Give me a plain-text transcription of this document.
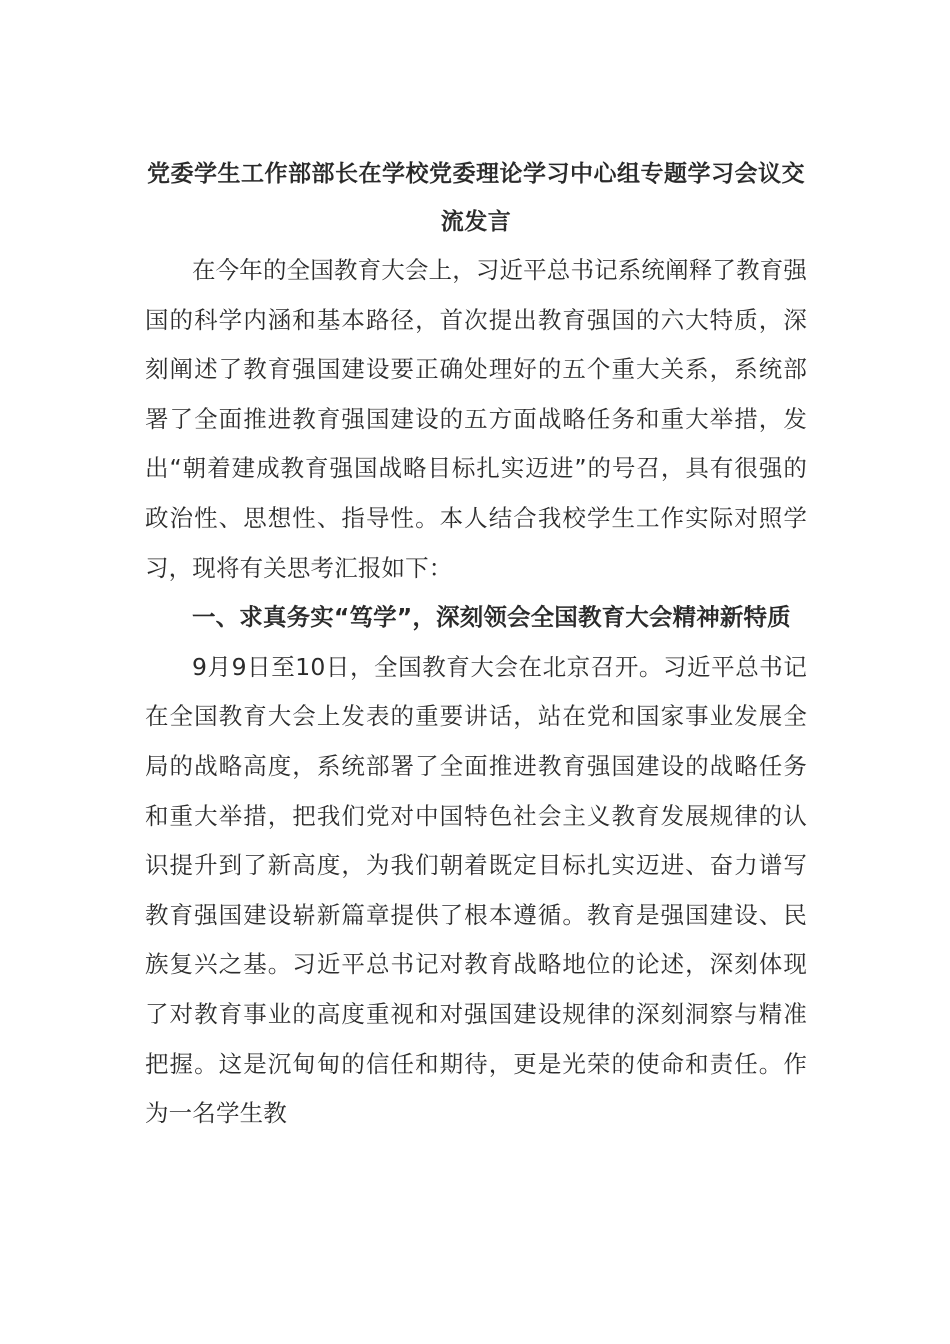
党委学生工作部部长在学校党委理论学习中心组专题学习会议交流发言

在今年的全国教育大会上，习近平总书记系统阐释了教育强国的科学内涵和基本路径，首次提出教育强国的六大特质，深刻阐述了教育强国建设要正确处理好的五个重大关系，系统部署了全面推进教育强国建设的五方面战略任务和重大举措，发出“朝着建成教育强国战略目标扎实迈进”的号召，具有很强的政治性、思想性、指导性。本人结合我校学生工作实际对照学习，现将有关思考汇报如下：

一、求真务实“笃学”，深刻领会全国教育大会精神新特质

9月9日至10日，全国教育大会在北京召开。习近平总书记在全国教育大会上发表的重要讲话，站在党和国家事业发展全局的战略高度，系统部署了全面推进教育强国建设的战略任务和重大举措，把我们党对中国特色社会主义教育发展规律的认识提升到了新高度，为我们朝着既定目标扎实迈进、奋力谱写教育强国建设崭新篇章提供了根本遵循。教育是强国建设、民族复兴之基。习近平总书记对教育战略地位的论述，深刻体现了对教育事业的高度重视和对强国建设规律的深刻洞察与精准把握。这是沉甸甸的信任和期待，更是光荣的使命和责任。作为一名学生教
